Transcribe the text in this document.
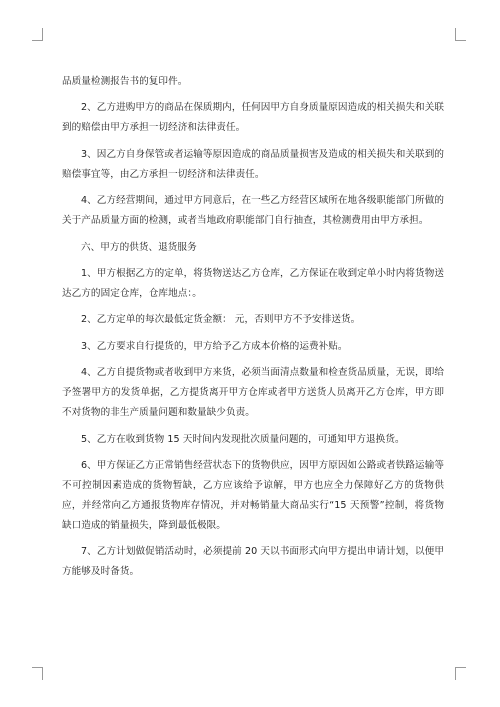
品质量检测报告书的复印件。

2、乙方进购甲方的商品在保质期内，任何因甲方自身质量原因造成的相关损失和关联到的赔偿由甲方承担一切经济和法律责任。

3、因乙方自身保管或者运输等原因造成的商品质量损害及造成的相关损失和关联到的赔偿事宜等，由乙方承担一切经济和法律责任。

4、乙方经营期间，通过甲方同意后，在一些乙方经营区域所在地各级职能部门所做的关于产品质量方面的检测，或者当地政府职能部门自行抽查，其检测费用由甲方承担。

六、甲方的供货、退货服务

1、甲方根据乙方的定单，将货物送达乙方仓库，乙方保证在收到定单小时内将货物送达乙方的固定仓库，仓库地点：。

2、乙方定单的每次最低定货金额： 元，否则甲方不予安排送货。

3、乙方要求自行提货的，甲方给予乙方成本价格的运费补贴。

4、乙方自提货物或者收到甲方来货，必须当面清点数量和检查货品质量，无误，即给予签署甲方的发货单据，乙方提货离开甲方仓库或者甲方送货人员离开乙方仓库，甲方即不对货物的非生产质量问题和数量缺少负责。

5、乙方在收到货物 15 天时间内发现批次质量问题的，可通知甲方退换货。

6、甲方保证乙方正常销售经营状态下的货物供应，因甲方原因如公路或者铁路运输等不可控制因素造成的货物暂缺，乙方应该给予谅解，甲方也应全力保障好乙方的货物供应，并经常向乙方通报货物库存情况，并对畅销量大商品实行“15 天预警”控制，将货物缺口造成的销量损失，降到最低极限。

7、乙方计划做促销活动时，必须提前 20 天以书面形式向甲方提出申请计划，以便甲方能够及时备货。
